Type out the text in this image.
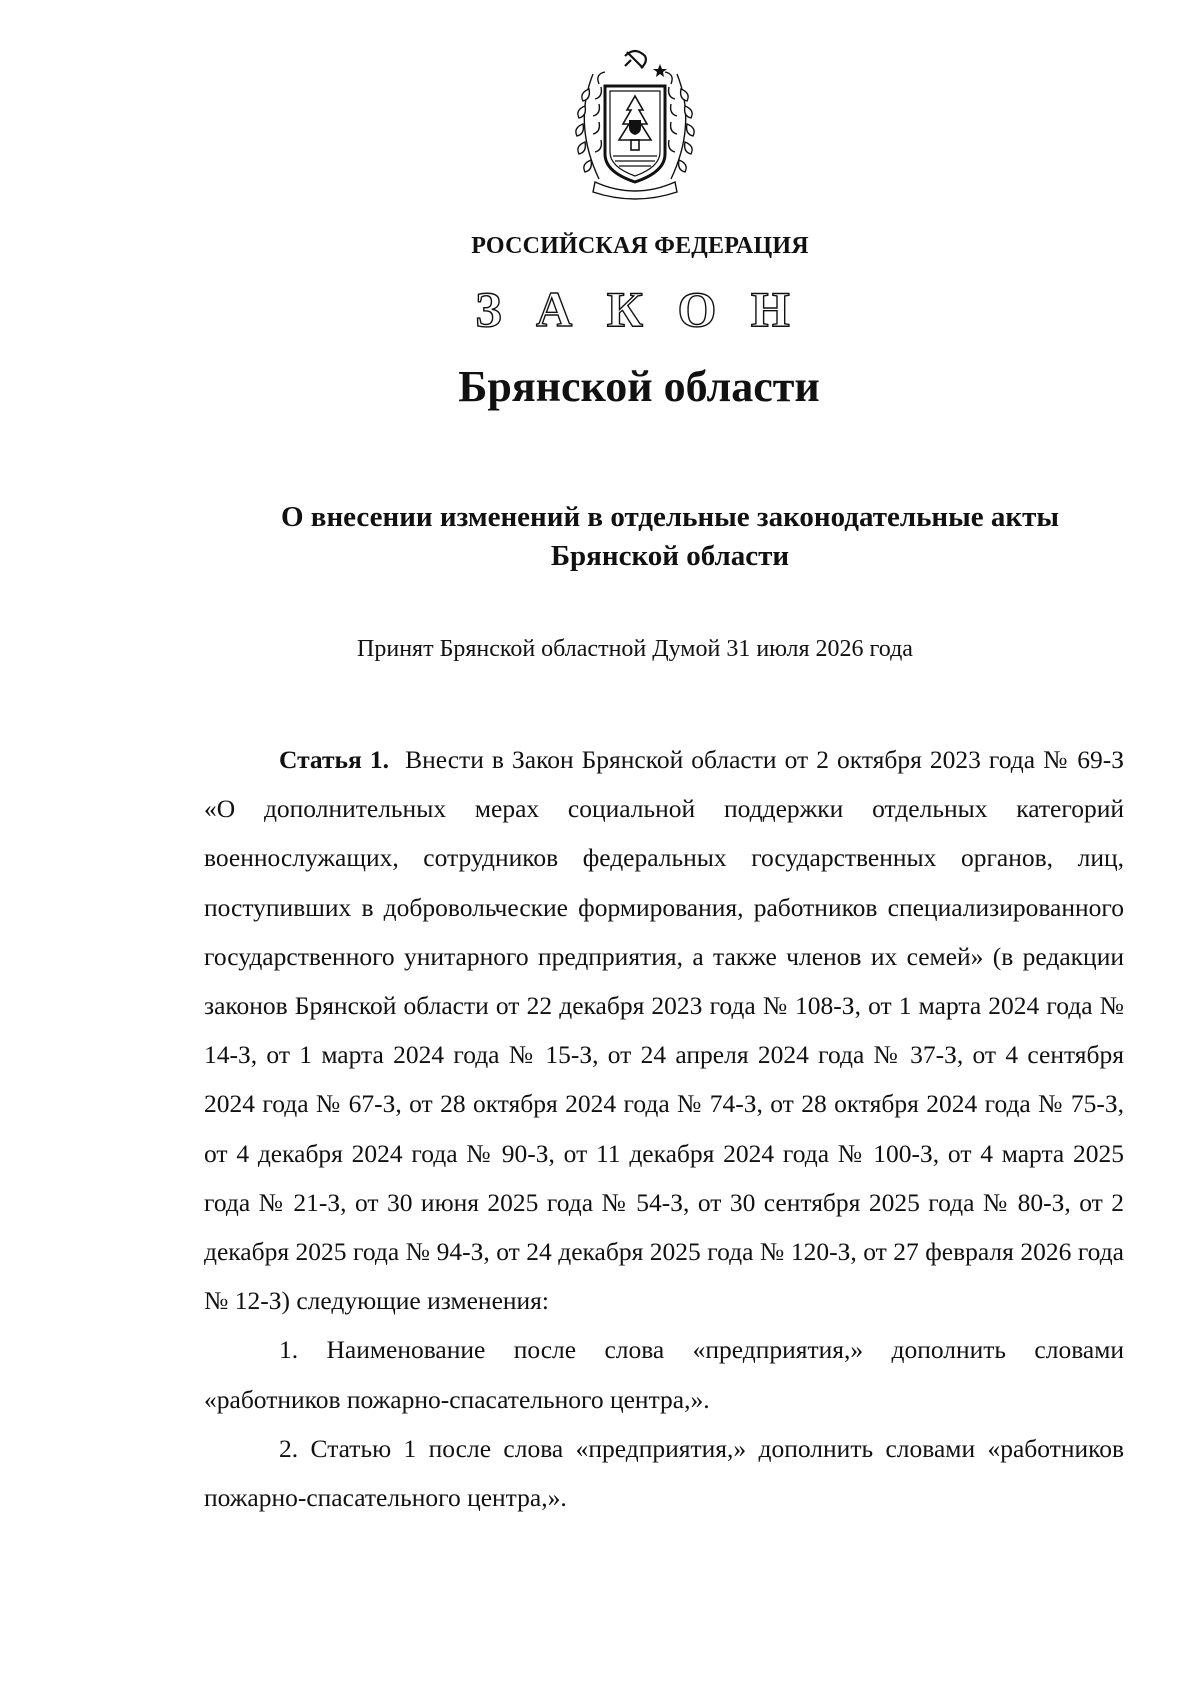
РОССИЙСКАЯ ФЕДЕРАЦИЯ
З А К О Н
Брянской области
О внесении изменений в отдельные законодательные акты
Брянской области
Принят Брянской областной Думой 31 июля 2026 года

Статья 1. Внести в Закон Брянской области от 2 октября 2023 года № 69-З «О дополнительных мерах социальной поддержки отдельных категорий военнослужащих, сотрудников федеральных государственных органов, лиц, поступивших в добровольческие формирования, работников специализированного государственного унитарного предприятия, а также членов их семей» (в редакции законов Брянской области от 22 декабря 2023 года № 108-З, от 1 марта 2024 года № 14-З, от 1 марта 2024 года № 15-З, от 24 апреля 2024 года № 37-З, от 4 сентября 2024 года № 67-З, от 28 октября 2024 года № 74-З, от 28 октября 2024 года № 75-З, от 4 декабря 2024 года № 90-З, от 11 декабря 2024 года № 100-З, от 4 марта 2025 года № 21-З, от 30 июня 2025 года № 54-З, от 30 сентября 2025 года № 80-З, от 2 декабря 2025 года № 94-З, от 24 декабря 2025 года № 120-З, от 27 февраля 2026 года № 12-З) следующие изменения:

1. Наименование после слова «предприятия,» дополнить словами «работников пожарно-спасательного центра,».

2. Статью 1 после слова «предприятия,» дополнить словами «работников пожарно-спасательного центра,».
